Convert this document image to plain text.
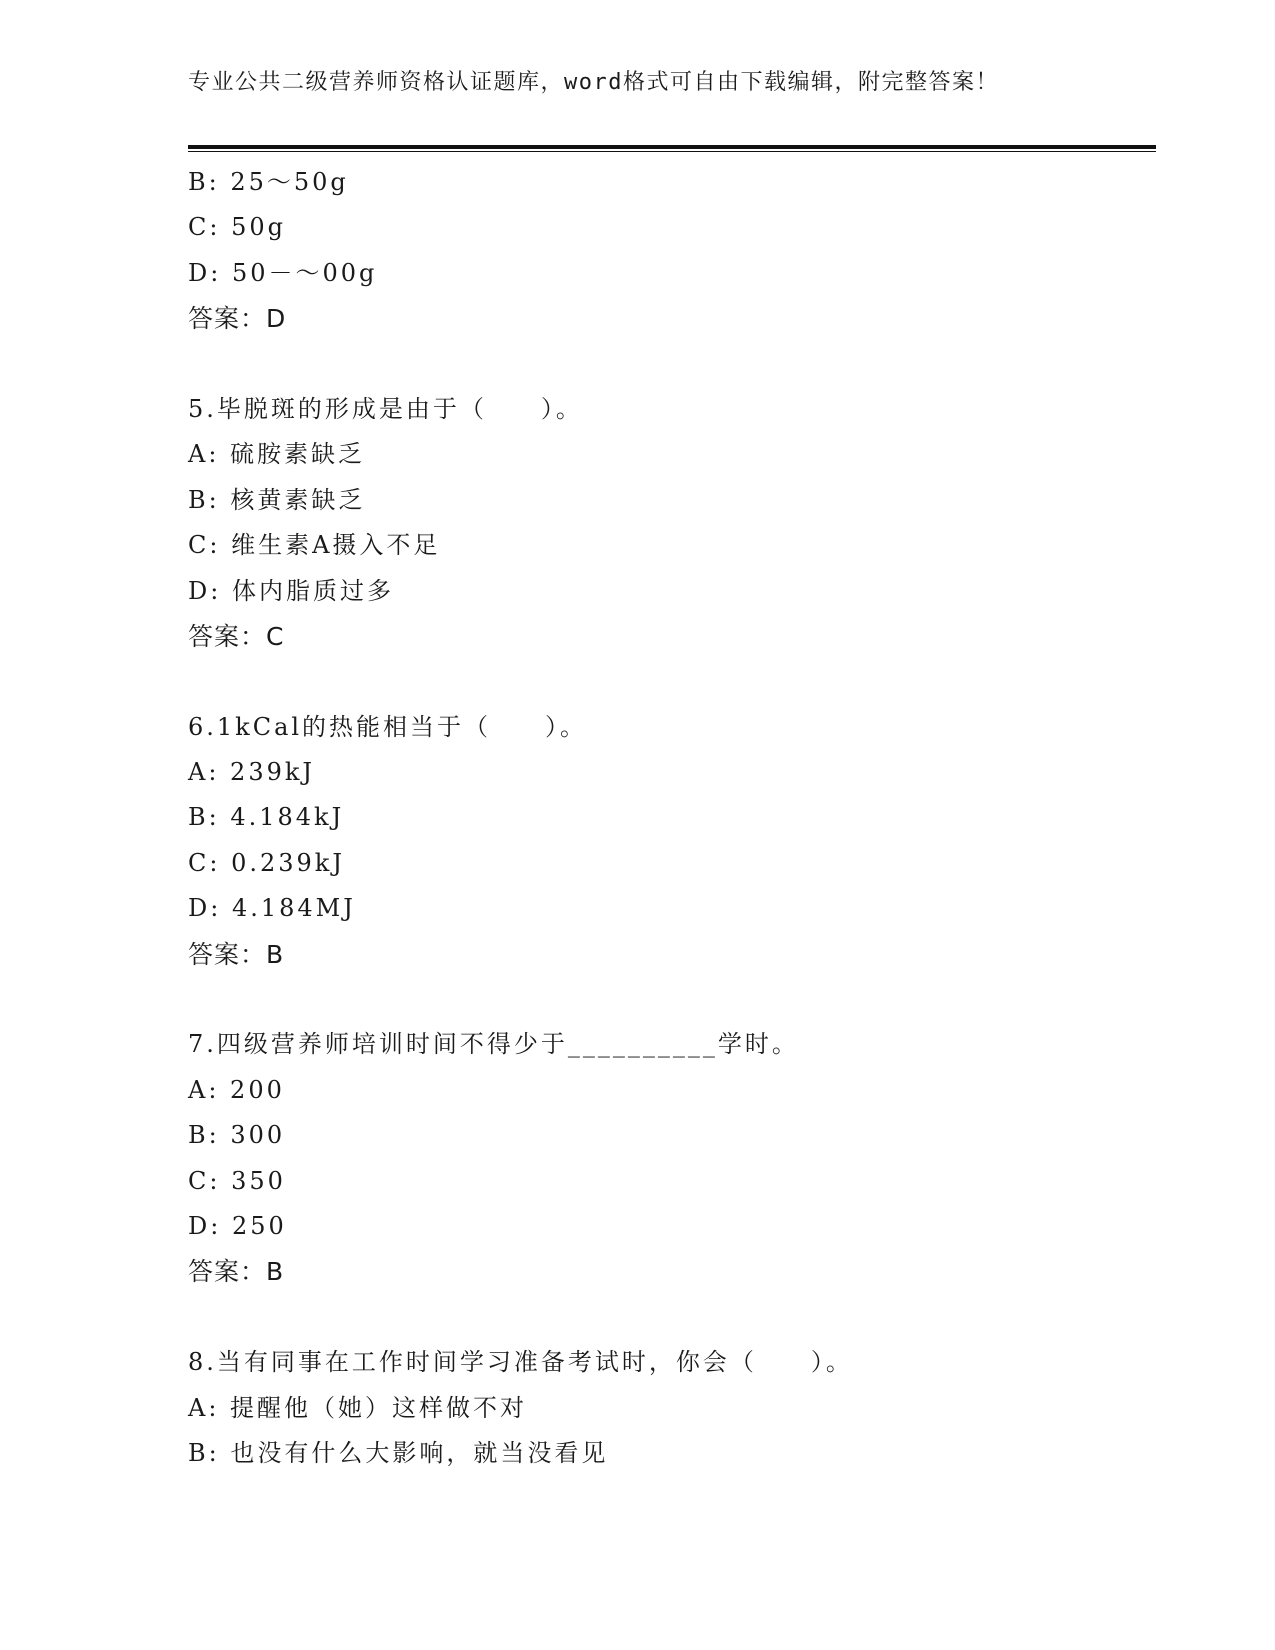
专业公共二级营养师资格认证题库，word格式可自由下载编辑，附完整答案！
B: 25～50g
C: 50g
D: 50－～00g
答案：D
5.毕脱斑的形成是由于（　　）。
A: 硫胺素缺乏
B: 核黄素缺乏
C: 维生素A摄入不足
D: 体内脂质过多
答案：C
6.1kCal的热能相当于（　　）。
A: 239kJ
B: 4.184kJ
C: 0.239kJ
D: 4.184MJ
答案：B
7.四级营养师培训时间不得少于__________学时。
A: 200
B: 300
C: 350
D: 250
答案：B
8.当有同事在工作时间学习准备考试时，你会（　　）。
A: 提醒他（她）这样做不对
B: 也没有什么大影响，就当没看见
